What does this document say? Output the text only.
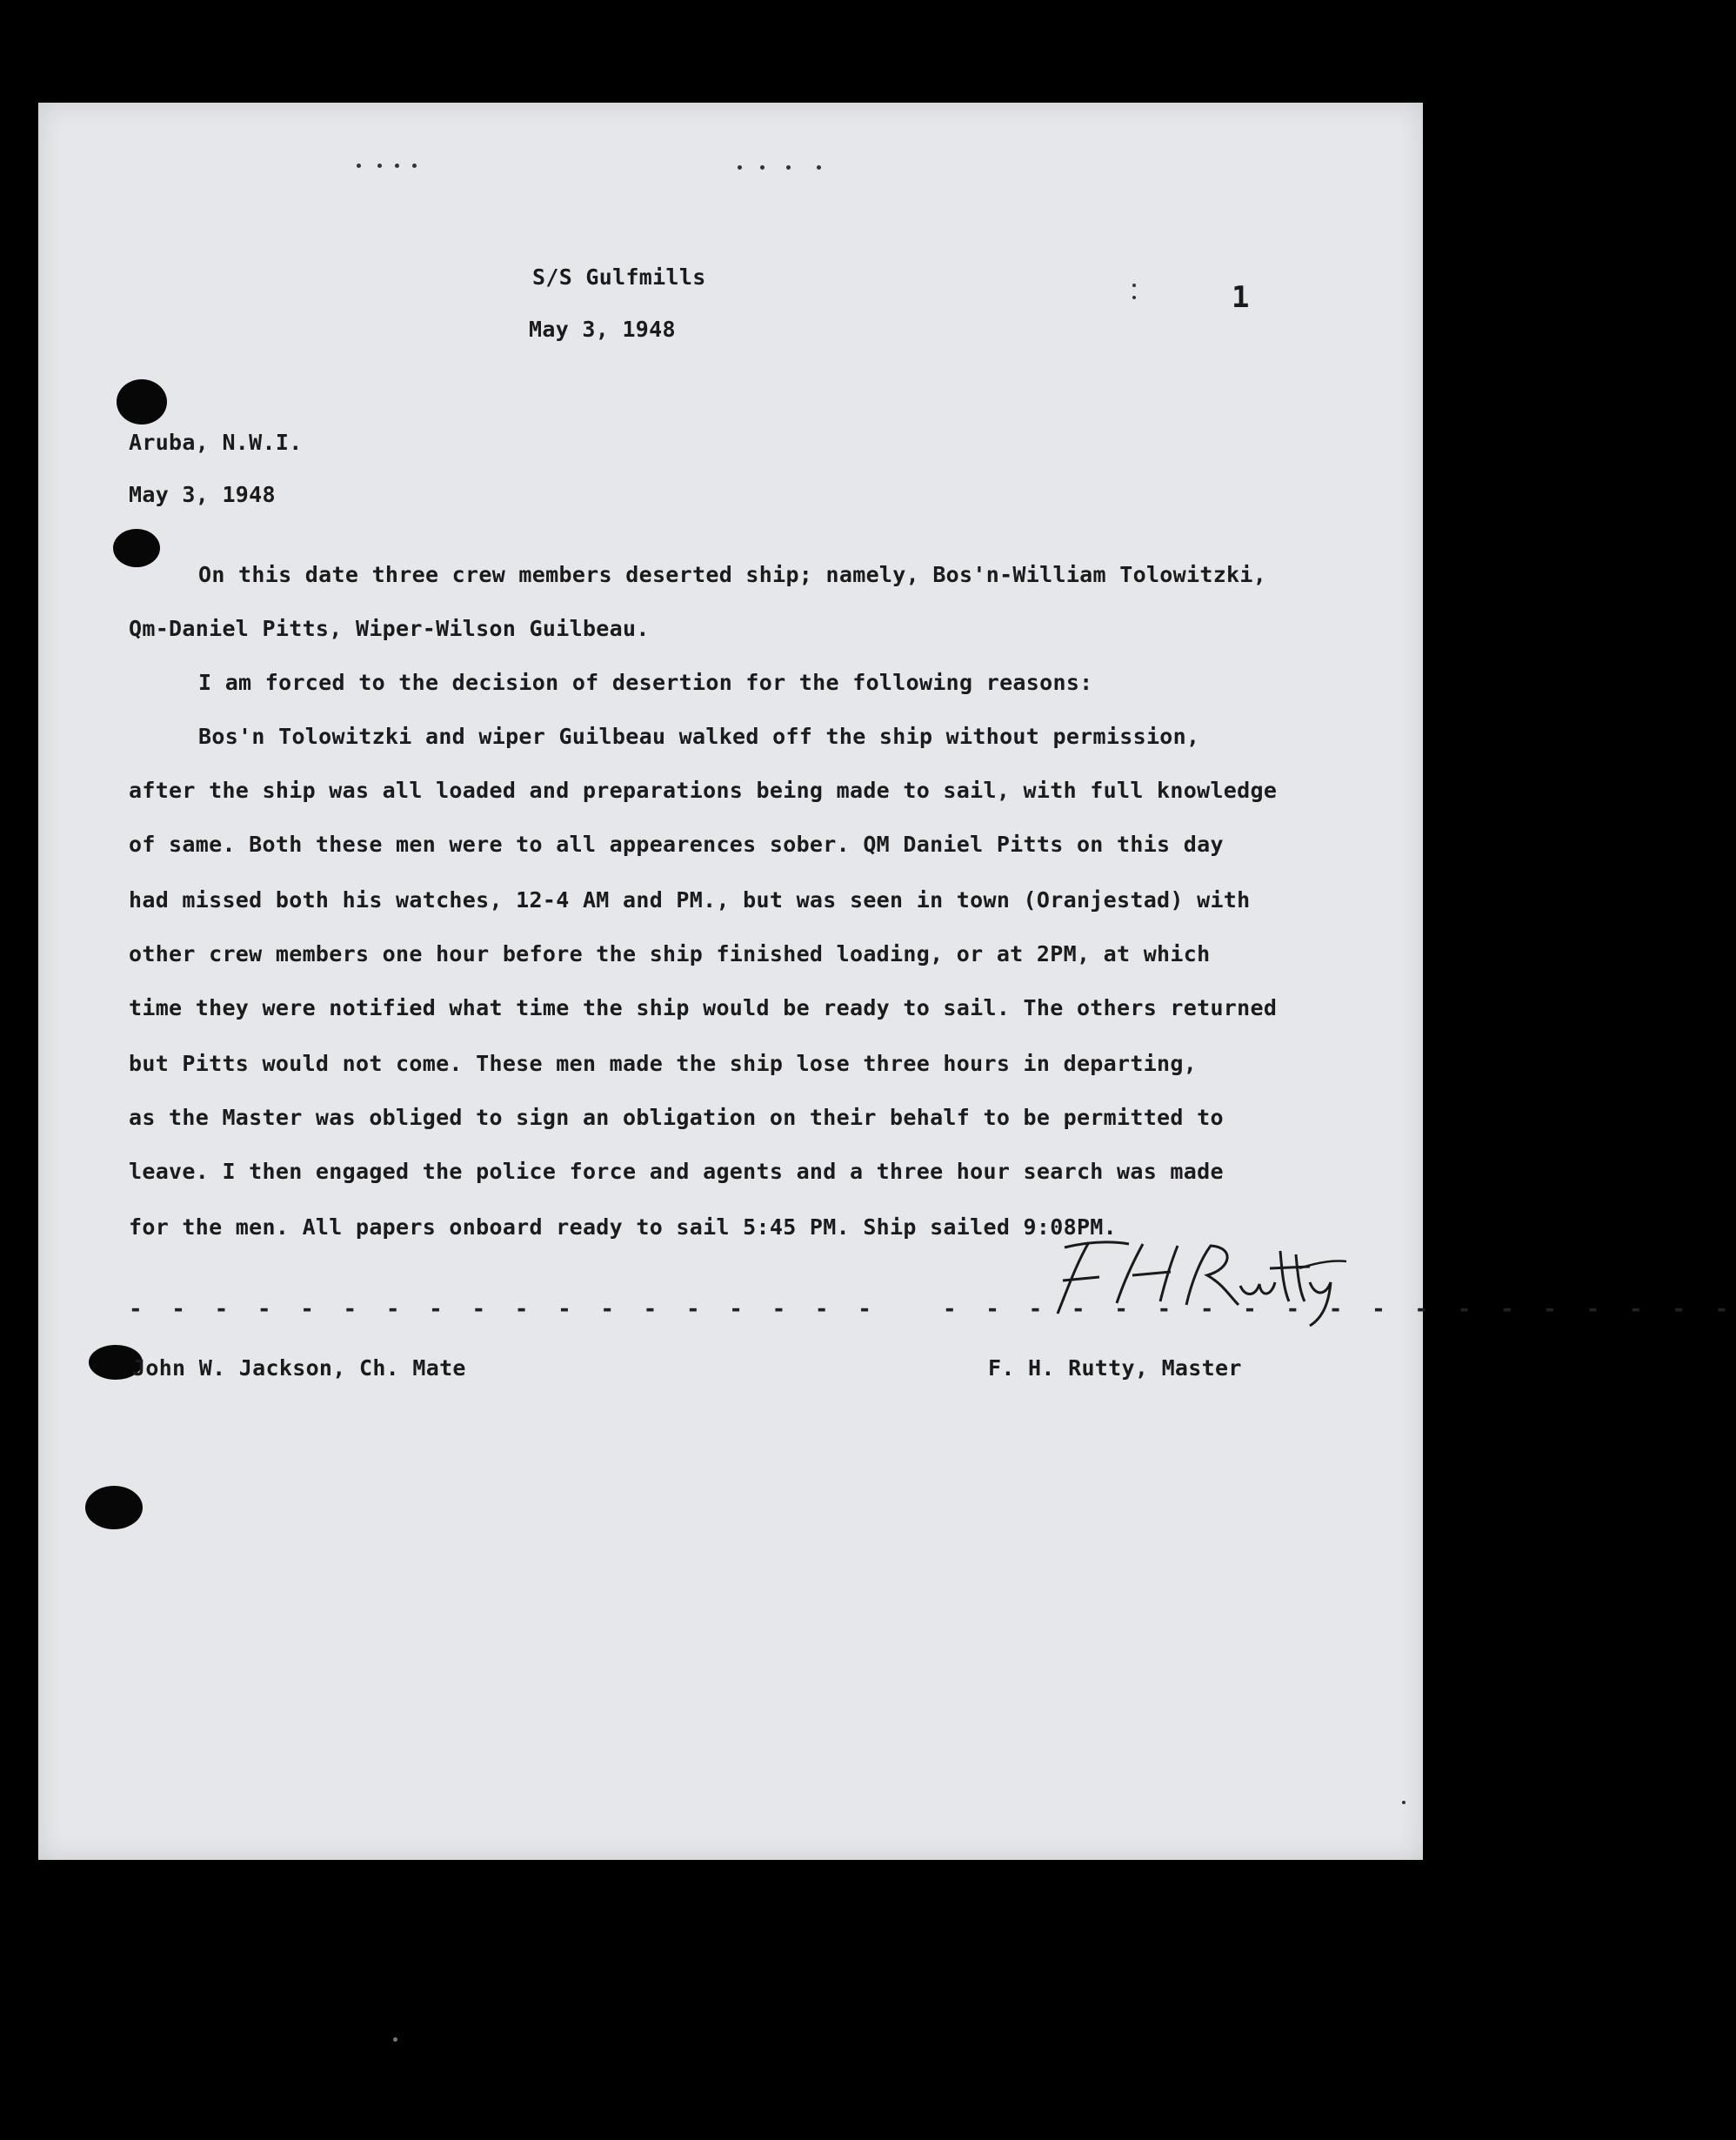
S/S Gulfmills

May 3, 1948

1

Aruba, N.W.I.

May 3, 1948

On this date three crew members deserted ship; namely, Bos'n-William Tolowitzki,

Qm-Daniel Pitts, Wiper-Wilson Guilbeau.

I am forced to the decision of desertion for the following reasons:

Bos'n Tolowitzki and wiper Guilbeau walked off the ship without permission,

after the ship was all loaded and preparations being made to sail, with full knowledge

of same. Both these men were to all appearences sober. QM Daniel Pitts on this day

had missed both his watches, 12-4 AM and PM., but was seen in town (Oranjestad) with

other crew members one hour before the ship finished loading, or at 2PM, at which

time they were notified what time the ship would be ready to sail. The others returned

but Pitts would not come. These men made the ship lose three hours in departing,

as the Master was obliged to sign an obligation on their behalf to be permitted to

leave. I then engaged the police force and agents and a three hour search was made

for the men. All papers onboard ready to sail 5:45 PM. Ship sailed 9:08PM.

- - - - - - - - - - - - - - - - - -	- - - - - - - - - - - - - - - - - - -

John W. Jackson, Ch. Mate	F. H. Rutty, Master
